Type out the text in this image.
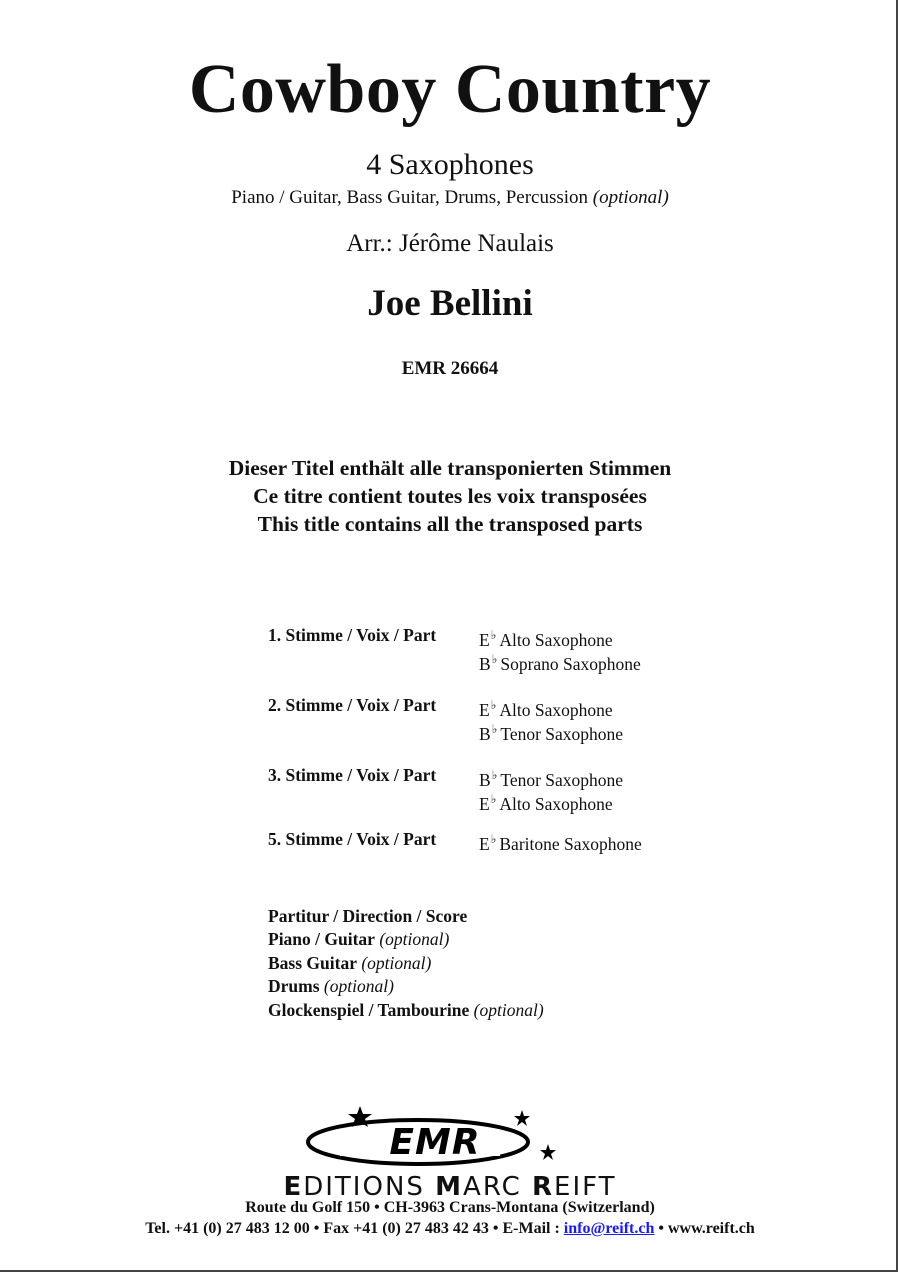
Cowboy Country
4 Saxophones
Piano / Guitar, Bass Guitar, Drums, Percussion (optional)
Arr.: Jérôme Naulais
Joe Bellini
EMR 26664
Dieser Titel enthält alle transponierten Stimmen
Ce titre contient toutes les voix transposées
This title contains all the transposed parts
1. Stimme / Voix / Part E♭ Alto Saxophone
B♭ Soprano Saxophone
2. Stimme / Voix / Part E♭ Alto Saxophone
B♭ Tenor Saxophone
3. Stimme / Voix / Part B♭ Tenor Saxophone
E♭ Alto Saxophone
5. Stimme / Voix / Part E♭ Baritone Saxophone
Partitur / Direction / Score
Piano / Guitar (optional)
Bass Guitar (optional)
Drums (optional)
Glockenspiel / Tambourine (optional)
EMR
EDITIONS MARC REIFT
Route du Golf 150 • CH-3963 Crans-Montana (Switzerland)
Tel. +41 (0) 27 483 12 00 • Fax +41 (0) 27 483 42 43 • E-Mail : info@reift.ch • www.reift.ch
